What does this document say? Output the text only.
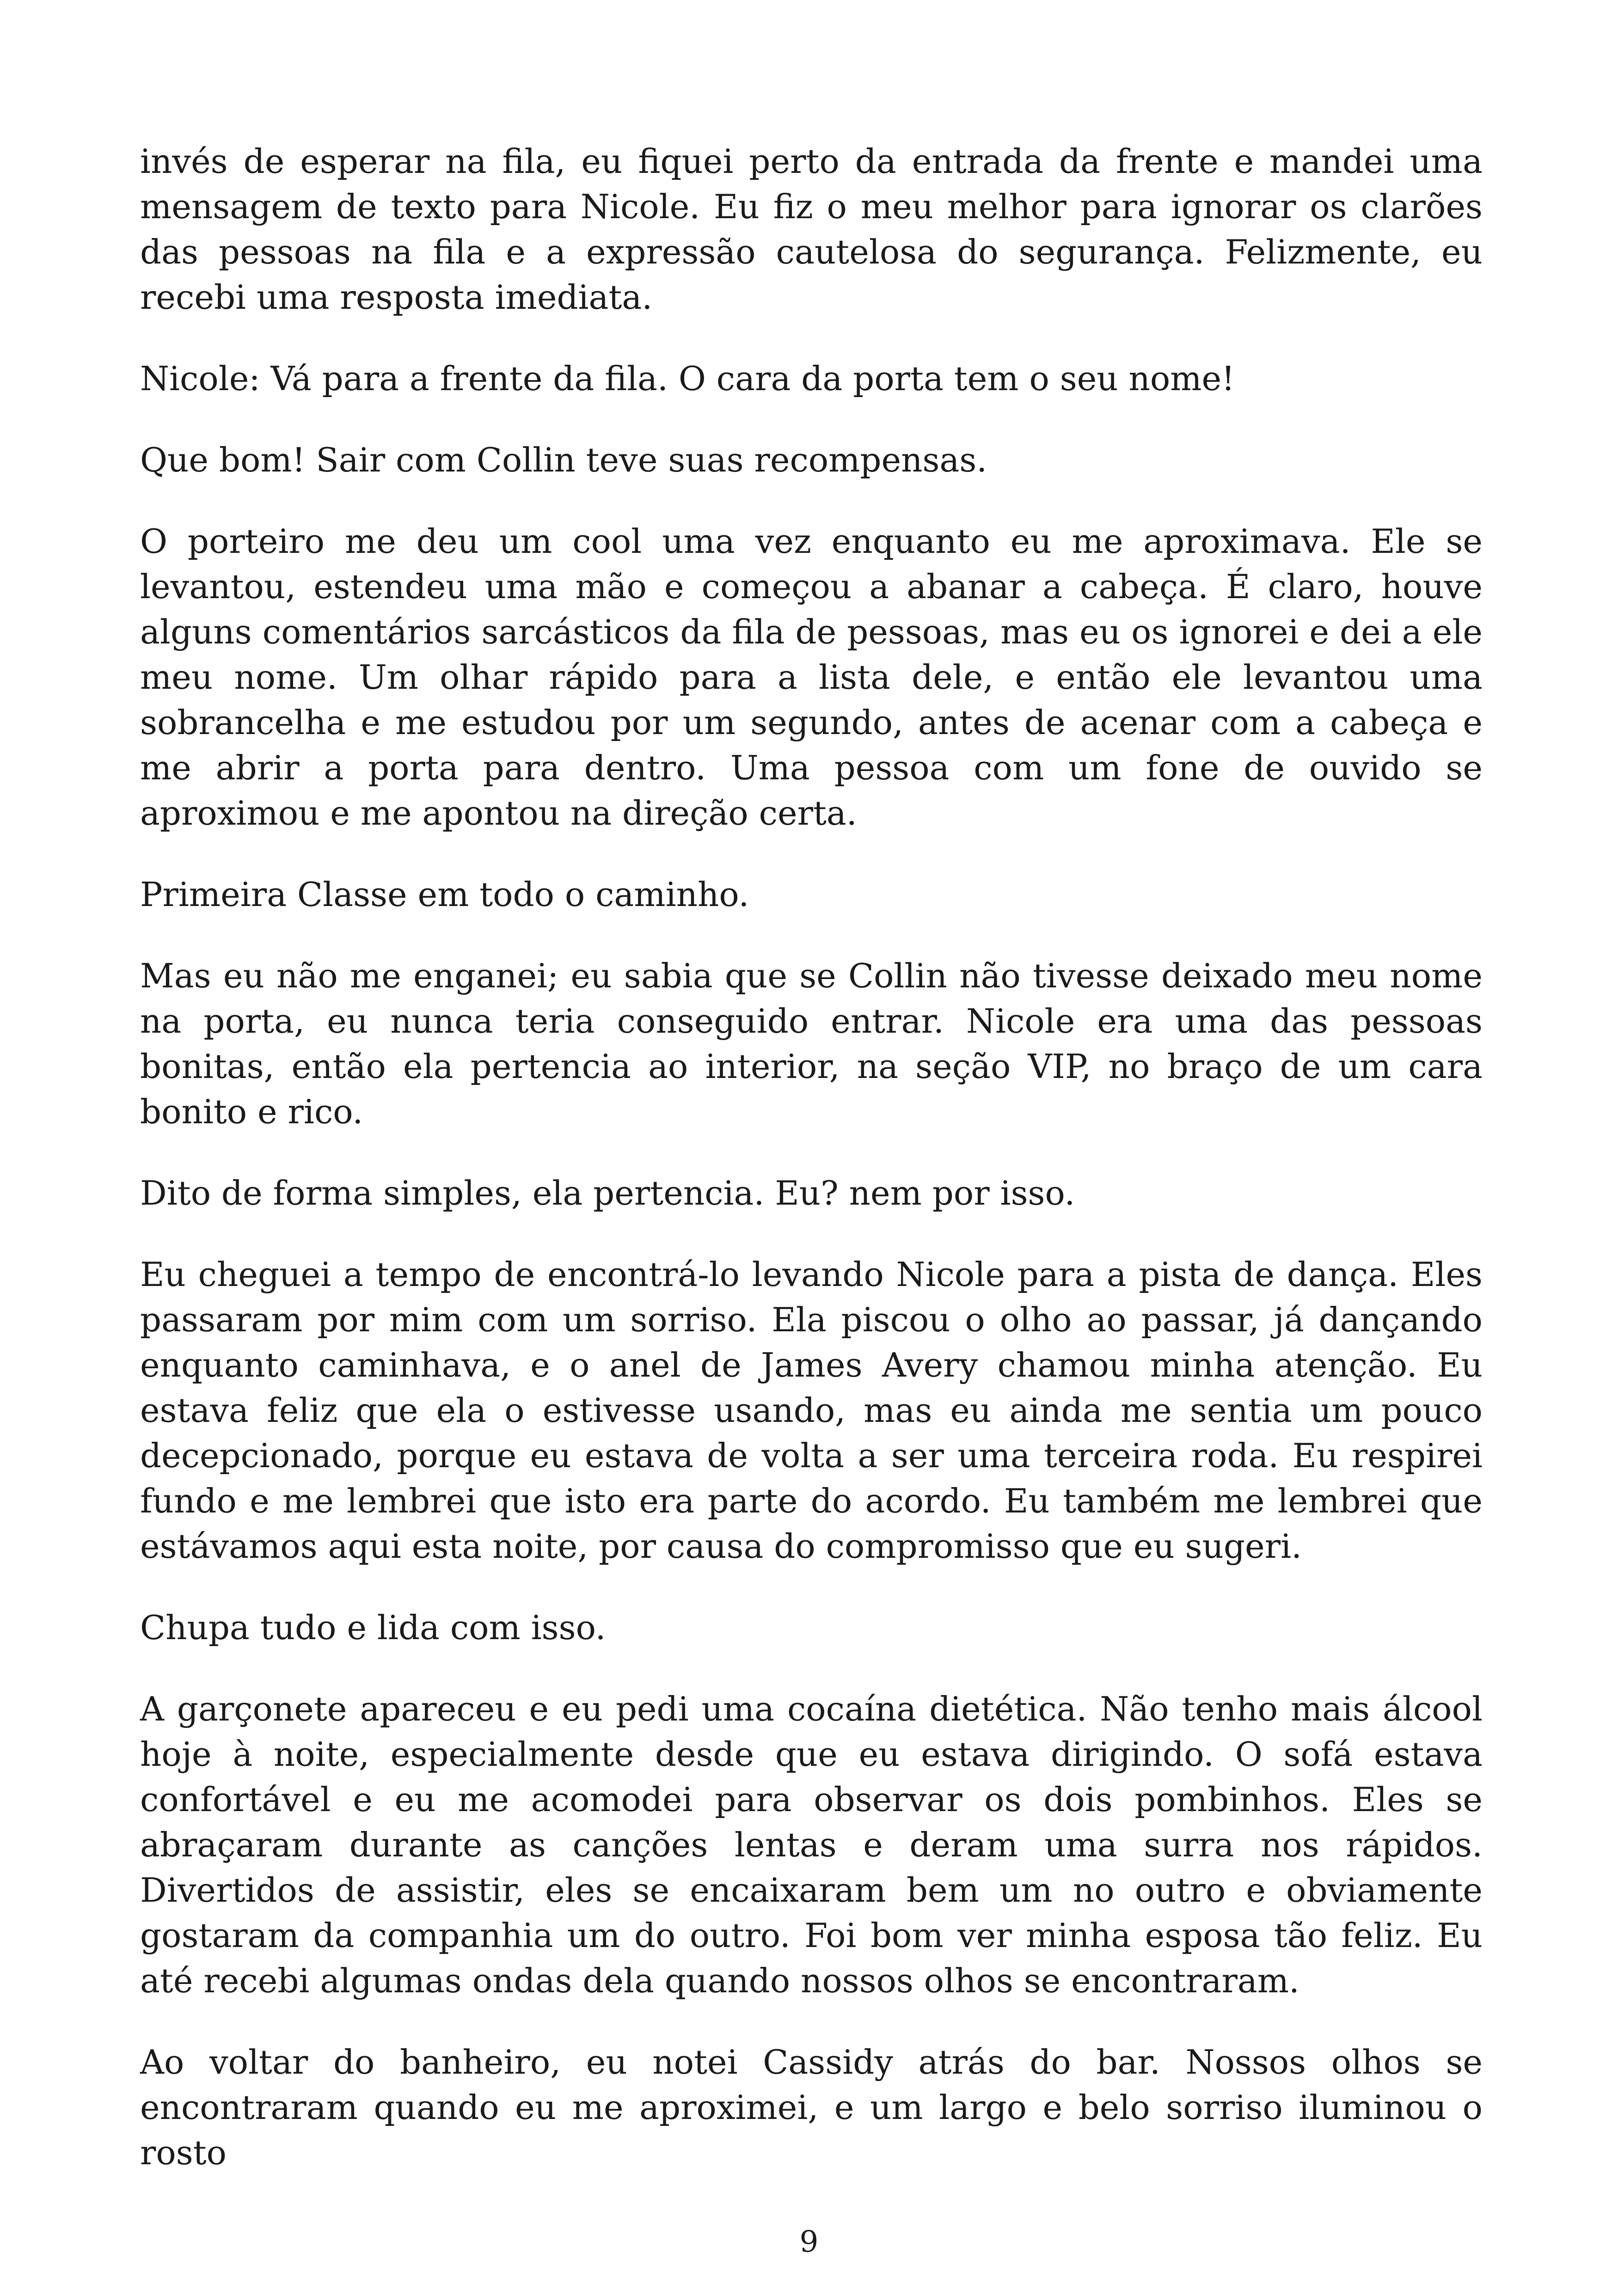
invés de esperar na fila, eu fiquei perto da entrada da frente e mandei uma mensagem de texto para Nicole. Eu fiz o meu melhor para ignorar os clarões das pessoas na fila e a expressão cautelosa do segurança. Felizmente, eu recebi uma resposta imediata.

Nicole: Vá para a frente da fila. O cara da porta tem o seu nome!

Que bom! Sair com Collin teve suas recompensas.

O porteiro me deu um cool uma vez enquanto eu me aproximava. Ele se levantou, estendeu uma mão e começou a abanar a cabeça. É claro, houve alguns comentários sarcásticos da fila de pessoas, mas eu os ignorei e dei a ele meu nome. Um olhar rápido para a lista dele, e então ele levantou uma sobrancelha e me estudou por um segundo, antes de acenar com a cabeça e me abrir a porta para dentro. Uma pessoa com um fone de ouvido se aproximou e me apontou na direção certa.

Primeira Classe em todo o caminho.

Mas eu não me enganei; eu sabia que se Collin não tivesse deixado meu nome na porta, eu nunca teria conseguido entrar. Nicole era uma das pessoas bonitas, então ela pertencia ao interior, na seção VIP, no braço de um cara bonito e rico.

Dito de forma simples, ela pertencia. Eu? nem por isso.

Eu cheguei a tempo de encontrá-lo levando Nicole para a pista de dança. Eles passaram por mim com um sorriso. Ela piscou o olho ao passar, já dançando enquanto caminhava, e o anel de James Avery chamou minha atenção. Eu estava feliz que ela o estivesse usando, mas eu ainda me sentia um pouco decepcionado, porque eu estava de volta a ser uma terceira roda. Eu respirei fundo e me lembrei que isto era parte do acordo. Eu também me lembrei que estávamos aqui esta noite, por causa do compromisso que eu sugeri.

Chupa tudo e lida com isso.

A garçonete apareceu e eu pedi uma cocaína dietética. Não tenho mais álcool hoje à noite, especialmente desde que eu estava dirigindo. O sofá estava confortável e eu me acomodei para observar os dois pombinhos. Eles se abraçaram durante as canções lentas e deram uma surra nos rápidos. Divertidos de assistir, eles se encaixaram bem um no outro e obviamente gostaram da companhia um do outro. Foi bom ver minha esposa tão feliz. Eu até recebi algumas ondas dela quando nossos olhos se encontraram.

Ao voltar do banheiro, eu notei Cassidy atrás do bar. Nossos olhos se encontraram quando eu me aproximei, e um largo e belo sorriso iluminou o rosto

9
